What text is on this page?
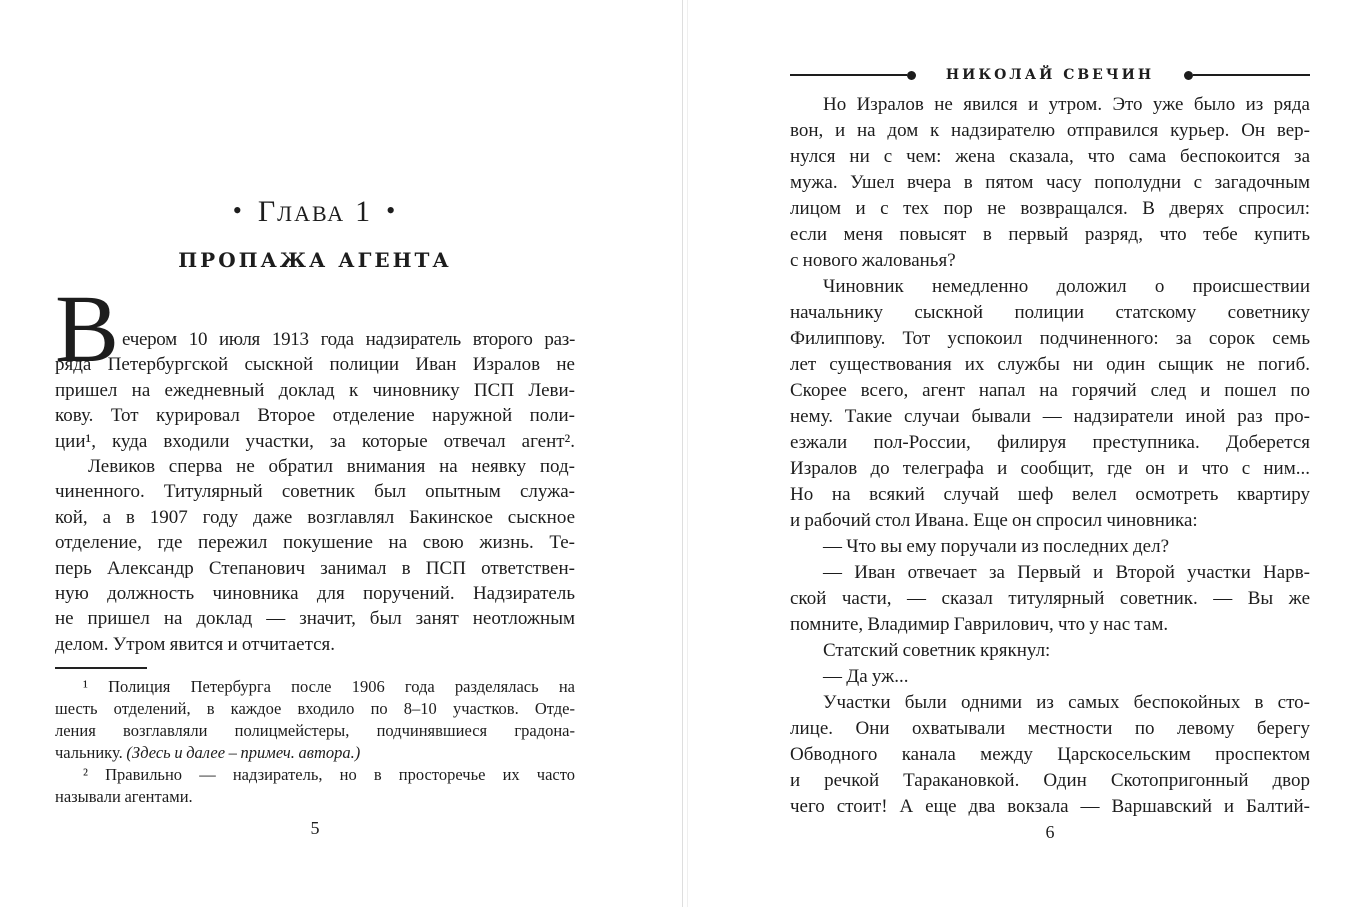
• ГЛАВА 1 •
ПРОПАЖА АГЕНТА
Вечером 10 июля 1913 года надзиратель второго раз-
ряда Петербургской сыскной полиции Иван Изралов не
пришел на ежедневный доклад к чиновнику ПСП Леви-
кову. Тот курировал Второе отделение наружной поли-
ции¹, куда входили участки, за которые отвечал агент².
Левиков сперва не обратил внимания на неявку под-
чиненного. Титулярный советник был опытным служа-
кой, а в 1907 году даже возглавлял Бакинское сыскное
отделение, где пережил покушение на свою жизнь. Те-
перь Александр Степанович занимал в ПСП ответствен-
ную должность чиновника для поручений. Надзиратель
не пришел на доклад — значит, был занят неотложным
делом. Утром явится и отчитается.
¹ Полиция Петербурга после 1906 года разделялась на
шесть отделений, в каждое входило по 8–10 участков. Отде-
ления возглавляли полицмейстеры, подчинявшиеся градона-
чальнику. (Здесь и далее – примеч. автора.)
² Правильно — надзиратель, но в просторечье их часто
называли агентами.
5
НИКОЛАЙ СВЕЧИН
Но Изралов не явился и утром. Это уже было из ряда
вон, и на дом к надзирателю отправился курьер. Он вер-
нулся ни с чем: жена сказала, что сама беспокоится за
мужа. Ушел вчера в пятом часу пополудни с загадочным
лицом и с тех пор не возвращался. В дверях спросил:
если меня повысят в первый разряд, что тебе купить
с нового жалованья?
Чиновник немедленно доложил о происшествии
начальнику сыскной полиции статскому советнику
Филиппову. Тот успокоил подчиненного: за сорок семь
лет существования их службы ни один сыщик не погиб.
Скорее всего, агент напал на горячий след и пошел по
нему. Такие случаи бывали — надзиратели иной раз про-
езжали пол-России, филируя преступника. Доберется
Изралов до телеграфа и сообщит, где он и что с ним...
Но на всякий случай шеф велел осмотреть квартиру
и рабочий стол Ивана. Еще он спросил чиновника:
— Что вы ему поручали из последних дел?
— Иван отвечает за Первый и Второй участки Нарв-
ской части, — сказал титулярный советник. — Вы же
помните, Владимир Гаврилович, что у нас там.
Статский советник крякнул:
— Да уж...
Участки были одними из самых беспокойных в сто-
лице. Они охватывали местности по левому берегу
Обводного канала между Царскосельским проспектом
и речкой Таракановкой. Один Скотопригонный двор
чего стоит! А еще два вокзала — Варшавский и Балтий-
6
